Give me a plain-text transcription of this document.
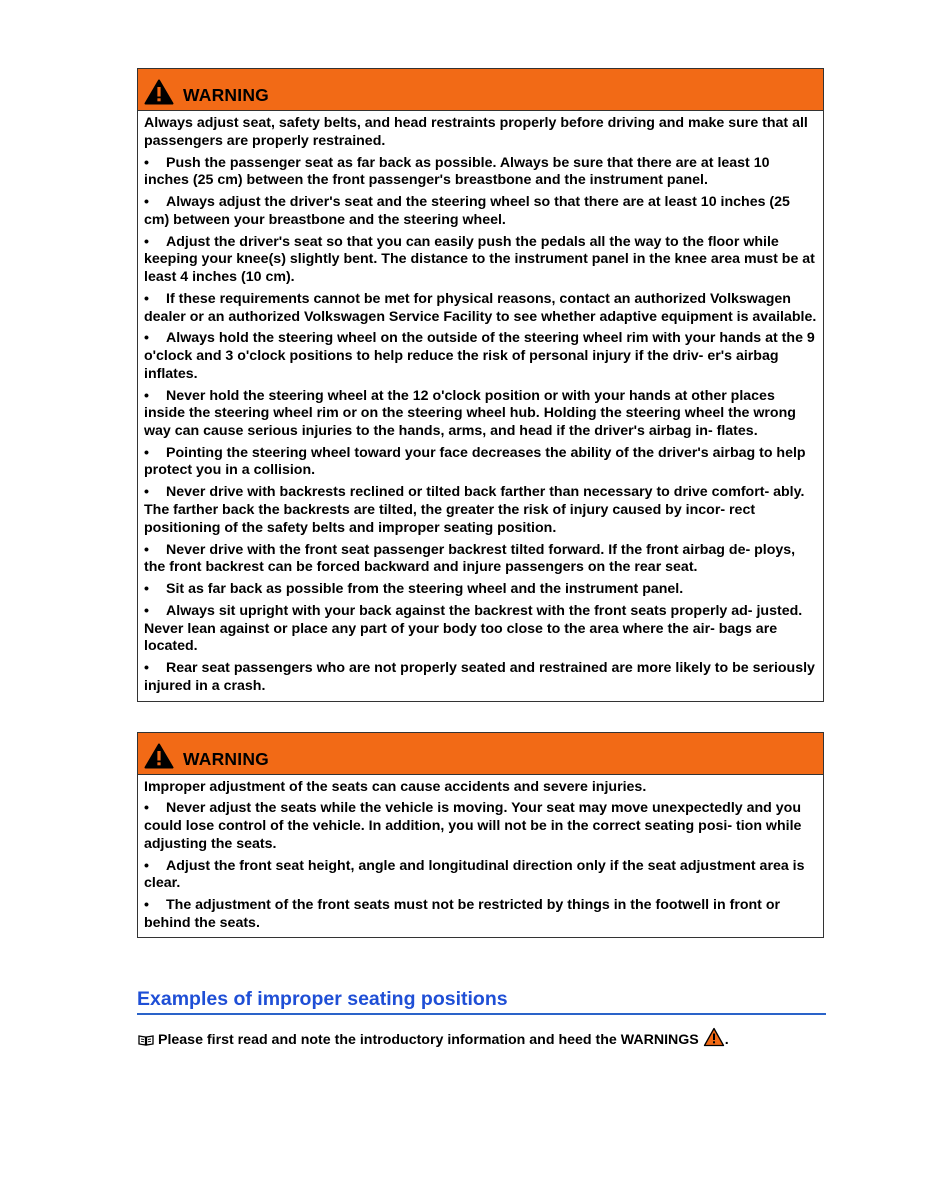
WARNING

Always adjust seat, safety belts, and head restraints properly before driving and make sure that all passengers are properly restrained.

• Push the passenger seat as far back as possible. Always be sure that there are at least 10 inches (25 cm) between the front passenger's breastbone and the instrument panel.

• Always adjust the driver's seat and the steering wheel so that there are at least 10 inches (25 cm) between your breastbone and the steering wheel.

• Adjust the driver's seat so that you can easily push the pedals all the way to the floor while keeping your knee(s) slightly bent. The distance to the instrument panel in the knee area must be at least 4 inches (10 cm).

• If these requirements cannot be met for physical reasons, contact an authorized Volkswagen dealer or an authorized Volkswagen Service Facility to see whether adaptive equipment is available.

• Always hold the steering wheel on the outside of the steering wheel rim with your hands at the 9 o'clock and 3 o'clock positions to help reduce the risk of personal injury if the driv- er's airbag inflates.

• Never hold the steering wheel at the 12 o'clock position or with your hands at other places inside the steering wheel rim or on the steering wheel hub. Holding the steering wheel the wrong way can cause serious injuries to the hands, arms, and head if the driver's airbag in- flates.

• Pointing the steering wheel toward your face decreases the ability of the driver's airbag to help protect you in a collision.

• Never drive with backrests reclined or tilted back farther than necessary to drive comfort- ably. The farther back the backrests are tilted, the greater the risk of injury caused by incor- rect positioning of the safety belts and improper seating position.

• Never drive with the front seat passenger backrest tilted forward. If the front airbag de- ploys, the front backrest can be forced backward and injure passengers on the rear seat.

• Sit as far back as possible from the steering wheel and the instrument panel.

• Always sit upright with your back against the backrest with the front seats properly ad- justed. Never lean against or place any part of your body too close to the area where the air- bags are located.

• Rear seat passengers who are not properly seated and restrained are more likely to be seriously injured in a crash.

WARNING

Improper adjustment of the seats can cause accidents and severe injuries.

• Never adjust the seats while the vehicle is moving. Your seat may move unexpectedly and you could lose control of the vehicle. In addition, you will not be in the correct seating posi- tion while adjusting the seats.

• Adjust the front seat height, angle and longitudinal direction only if the seat adjustment area is clear.

• The adjustment of the front seats must not be restricted by things in the footwell in front or behind the seats.

Examples of improper seating positions
Please first read and note the introductory information and heed the WARNINGS .
